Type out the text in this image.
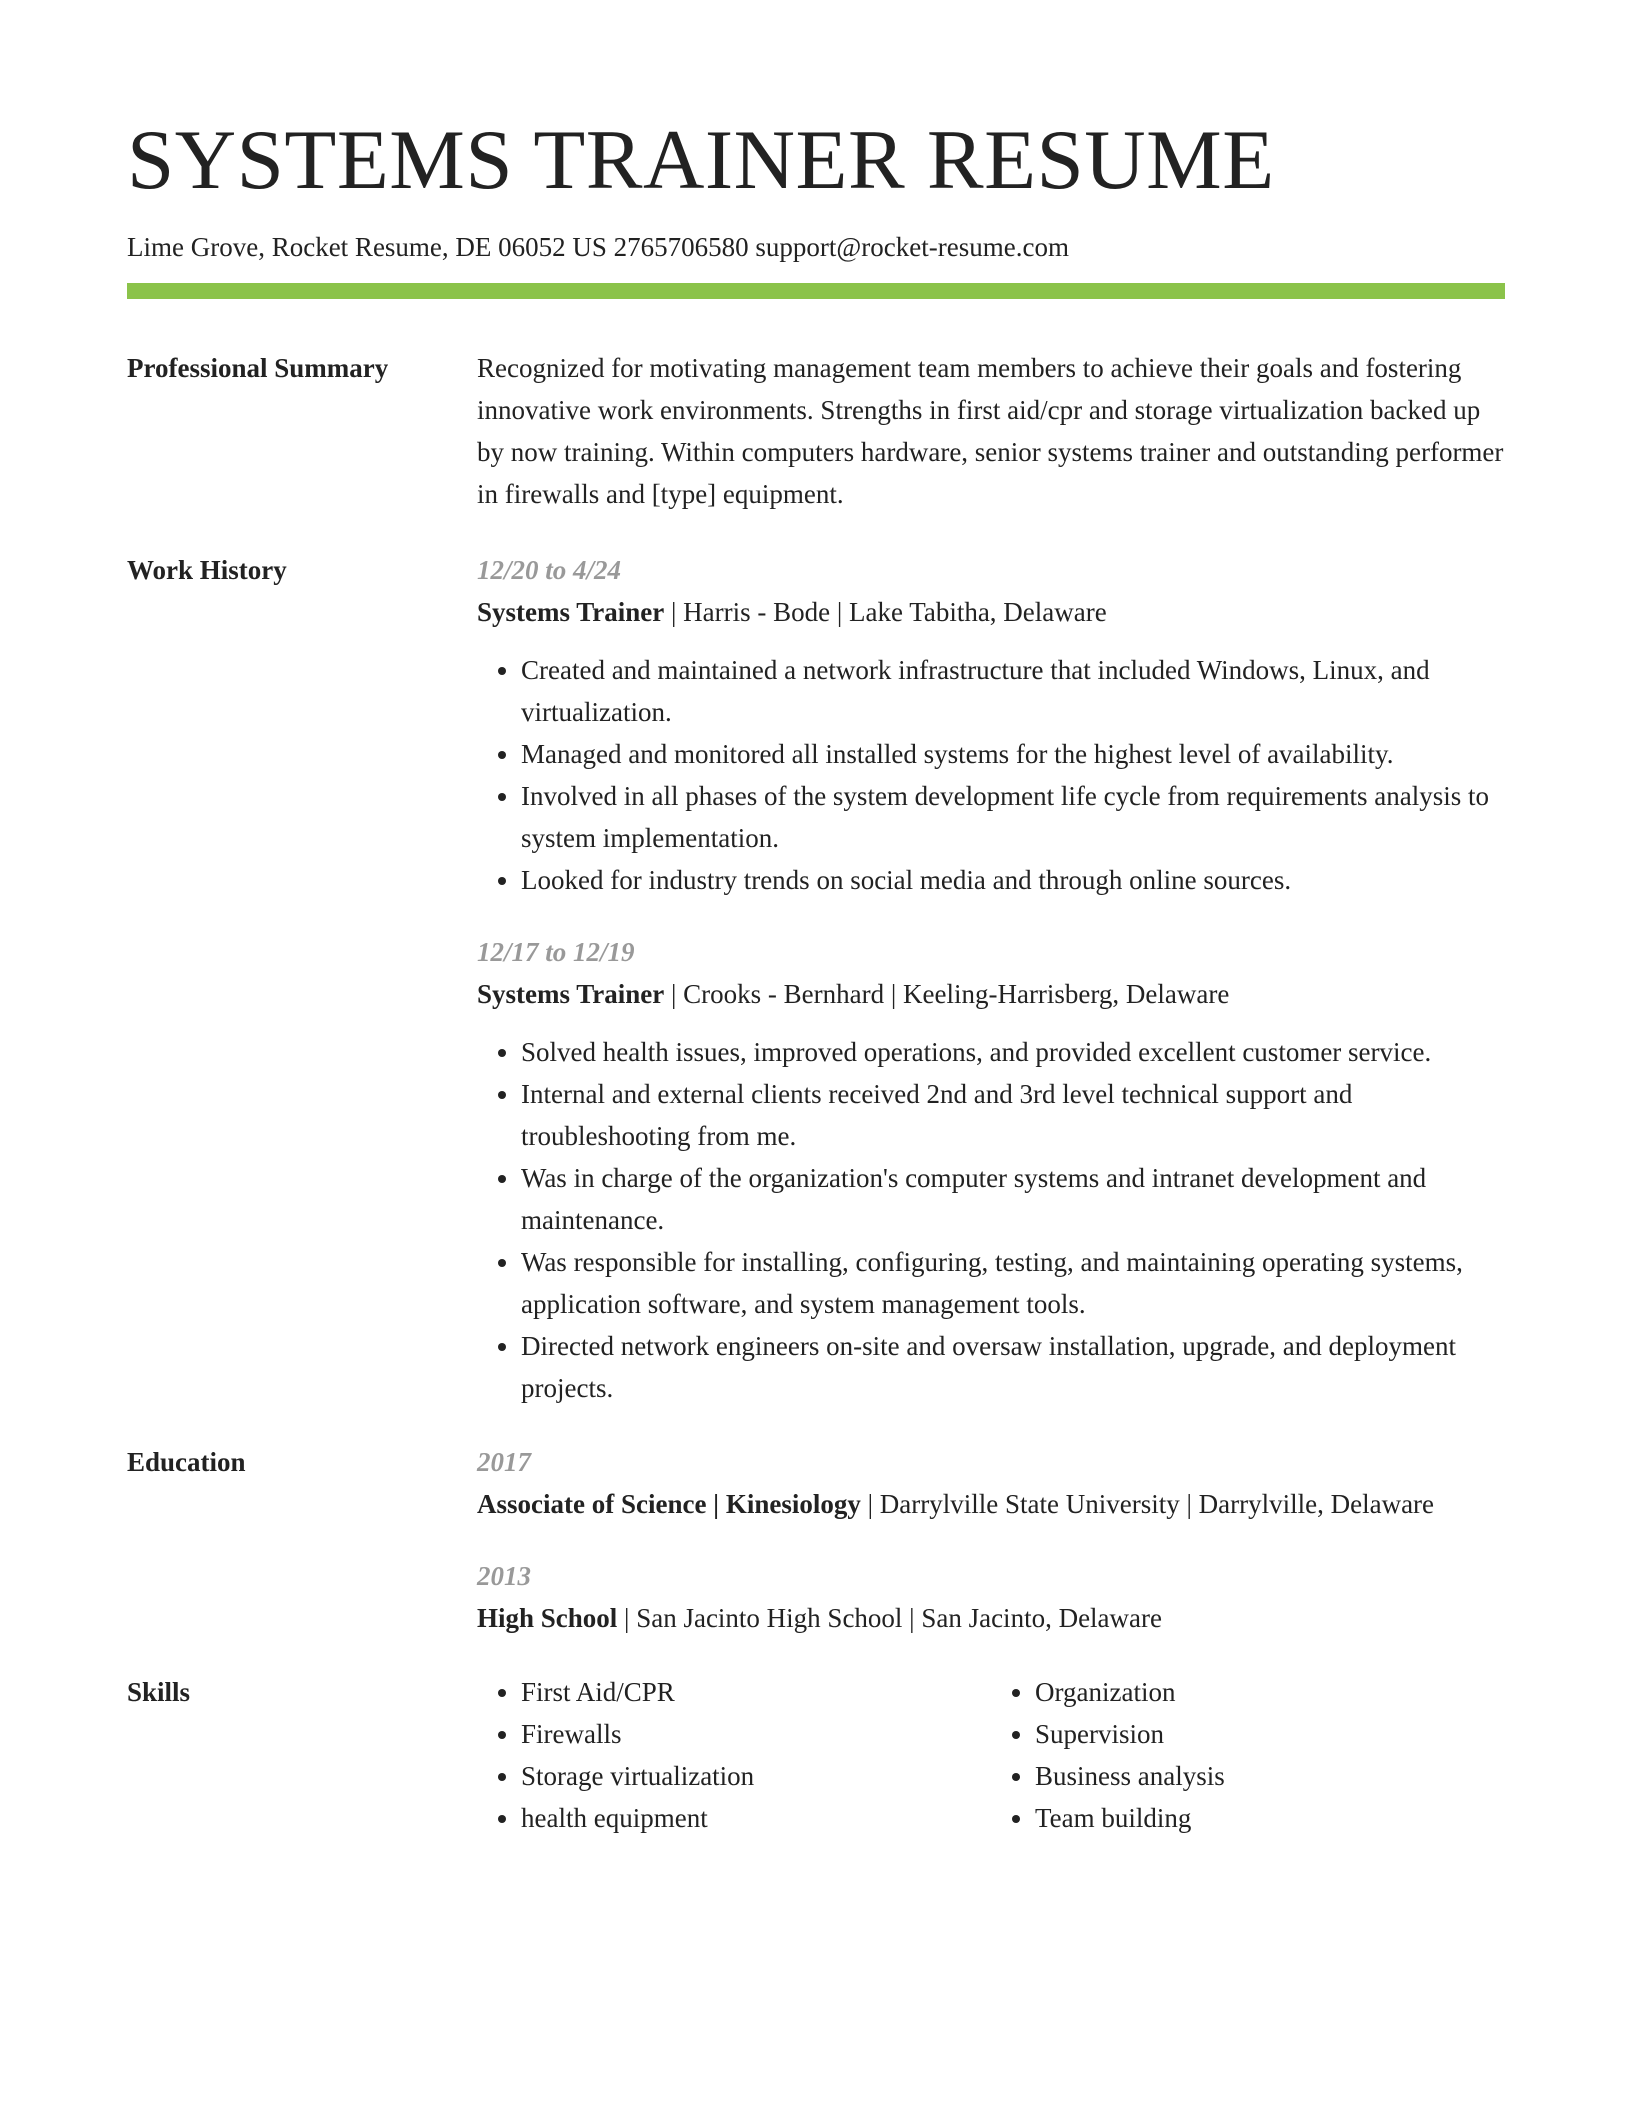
SYSTEMS TRAINER RESUME
Lime Grove, Rocket Resume, DE 06052 US 2765706580 support@rocket-resume.com
Professional Summary	Recognized for motivating management team members to achieve their goals and fostering innovative work environments. Strengths in first aid/cpr and storage virtualization backed up by now training. Within computers hardware, senior systems trainer and outstanding performer in firewalls and [type] equipment.
Work History	12/20 to 4/24
Systems Trainer | Harris - Bode | Lake Tabitha, Delaware
• Created and maintained a network infrastructure that included Windows, Linux, and virtualization.
• Managed and monitored all installed systems for the highest level of availability.
• Involved in all phases of the system development life cycle from requirements analysis to system implementation.
• Looked for industry trends on social media and through online sources.
12/17 to 12/19
Systems Trainer | Crooks - Bernhard | Keeling-Harrisberg, Delaware
• Solved health issues, improved operations, and provided excellent customer service.
• Internal and external clients received 2nd and 3rd level technical support and troubleshooting from me.
• Was in charge of the organization's computer systems and intranet development and maintenance.
• Was responsible for installing, configuring, testing, and maintaining operating systems, application software, and system management tools.
• Directed network engineers on-site and oversaw installation, upgrade, and deployment projects.
Education	2017
Associate of Science | Kinesiology | Darrylville State University | Darrylville, Delaware
2013
High School | San Jacinto High School | San Jacinto, Delaware
Skills
•	First Aid/CPR
• Firewalls
• Storage virtualization
• health equipment
• Organization
• Supervision
• Business analysis
• Team building
